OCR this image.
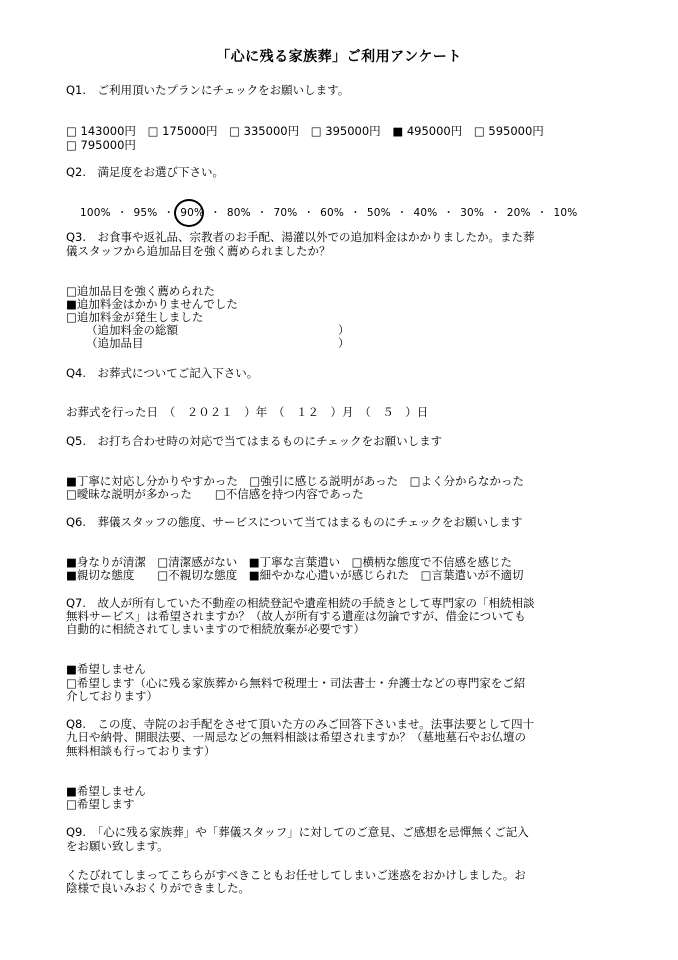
「心に残る家族葬」ご利用アンケート
Q1.　ご利用頂いたプランにチェックをお願いします。
□ 143000円 □ 175000円 □ 335000円 □ 395000円 ■ 495000円 □ 595000円
□ 795000円
Q2.　満足度をお選び下さい。
100% ・ 95% ・ 90% ・ 80% ・ 70% ・ 60% ・ 50% ・ 40% ・ 30% ・ 20% ・ 10%
Q3.　お食事や返礼品、宗教者のお手配、湯灌以外での追加料金はかかりましたか。また葬
儀スタッフから追加品目を強く薦められましたか？
□追加品目を強く薦められた
■追加料金はかかりませんでした
□追加料金が発生しました
（追加料金の総額	）
（追加品目	）
Q4.　お葬式についてご記入下さい。
お葬式を行った日　（　２０２１　）年　（　１２　）月　（　５　）日
Q5.　お打ち合わせ時の対応で当てはまるものにチェックをお願いします
■丁寧に対応し分かりやすかった　□強引に感じる説明があった　□よく分からなかった
□曖昧な説明が多かった　　□不信感を持つ内容であった
Q6.　葬儀スタッフの態度、サービスについて当てはまるものにチェックをお願いします
■身なりが清潔　□清潔感がない　■丁寧な言葉遣い　□横柄な態度で不信感を感じた
■親切な態度　　□不親切な態度　■細やかな心遣いが感じられた　□言葉遣いが不適切
Q7.　故人が所有していた不動産の相続登記や遺産相続の手続きとして専門家の「相続相談
無料サービス」は希望されますか？（故人が所有する遺産は勿論ですが、借金についても
自動的に相続されてしまいますので相続放棄が必要です）
■希望しません
□希望します（心に残る家族葬から無料で税理士・司法書士・弁護士などの専門家をご紹
介しております）
Q8.　この度、寺院のお手配をさせて頂いた方のみご回答下さいませ。法事法要として四十
九日や納骨、開眼法要、一周忌などの無料相談は希望されますか？（墓地墓石やお仏壇の
無料相談も行っております）
■希望しません
□希望します
Q9.　「心に残る家族葬」や「葬儀スタッフ」に対してのご意見、ご感想を忌憚無くご記入
をお願い致します。
くたびれてしまってこちらがすべきこともお任せしてしまいご迷惑をおかけしました。お
陰様で良いみおくりができました。
